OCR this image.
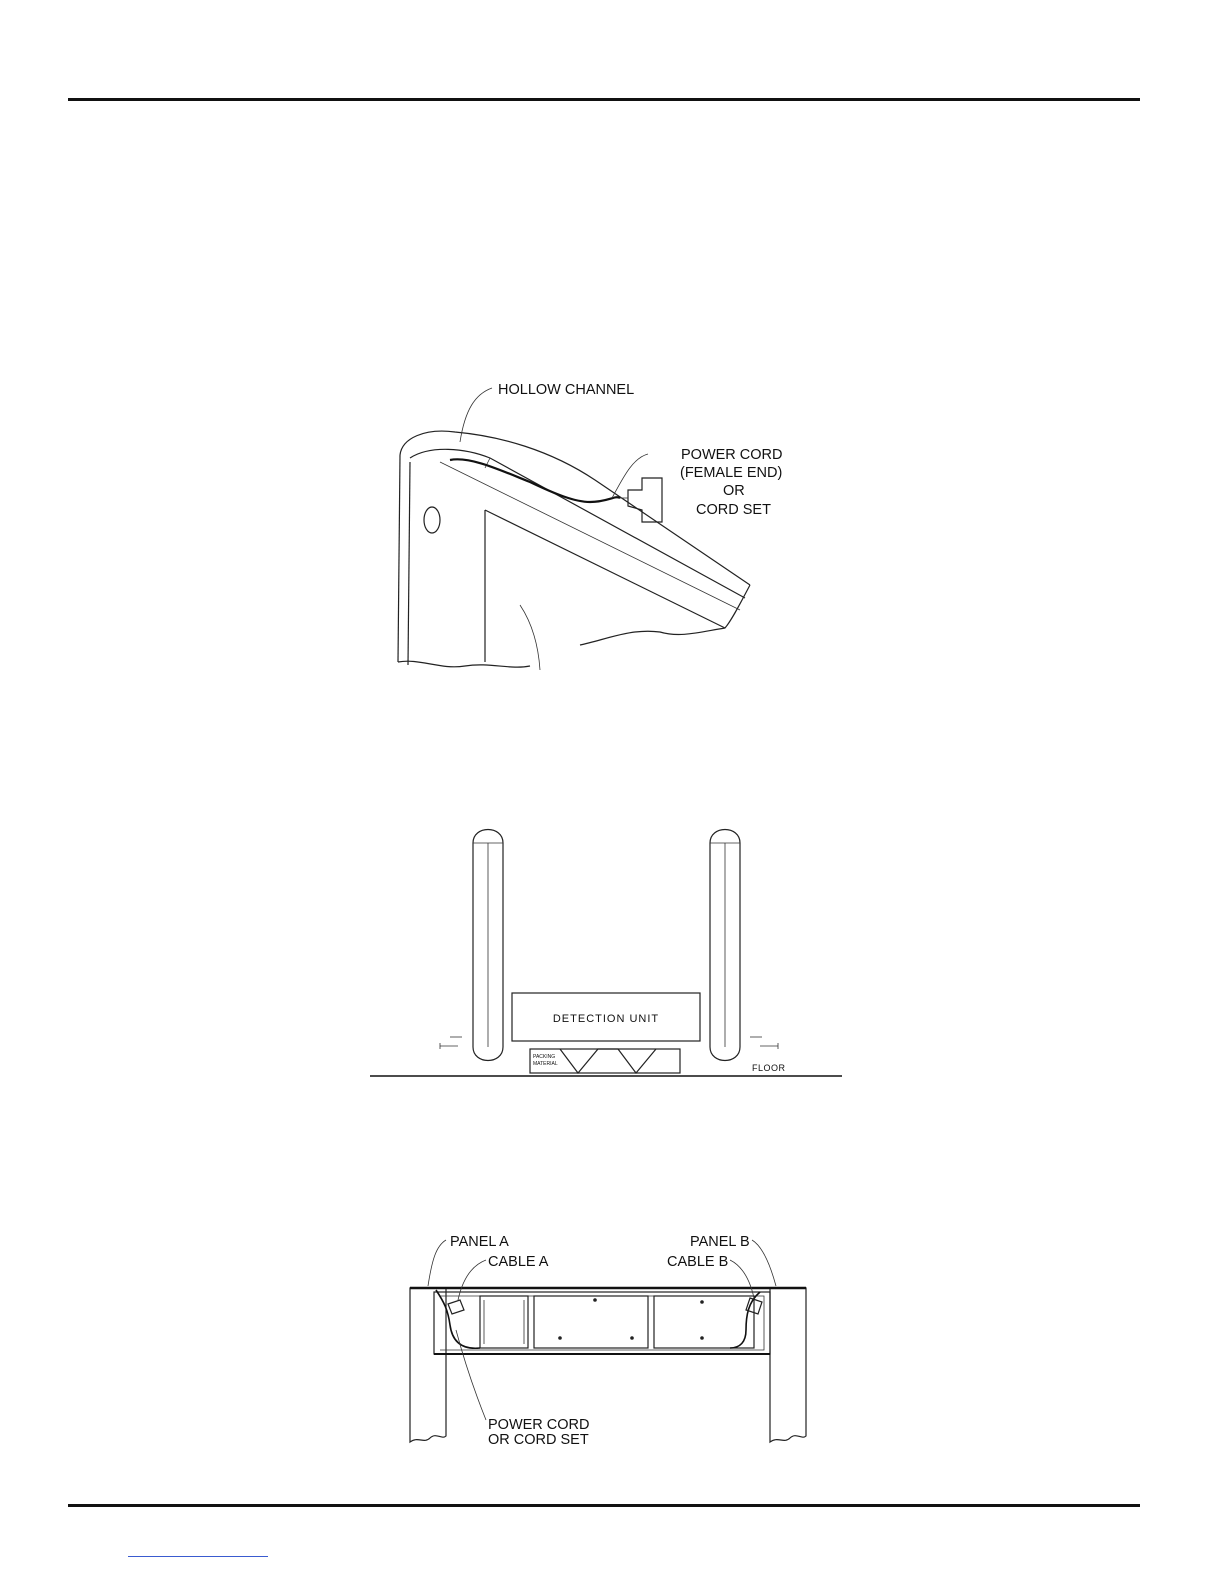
HOLLOW CHANNEL
POWER CORD
(FEMALE END)
OR
CORD SET
DETECTION UNIT
PACKING
MATERIAL	FLOOR
PANEL A
CABLE A
PANEL B
CABLE B
POWER CORD
OR CORD SET
